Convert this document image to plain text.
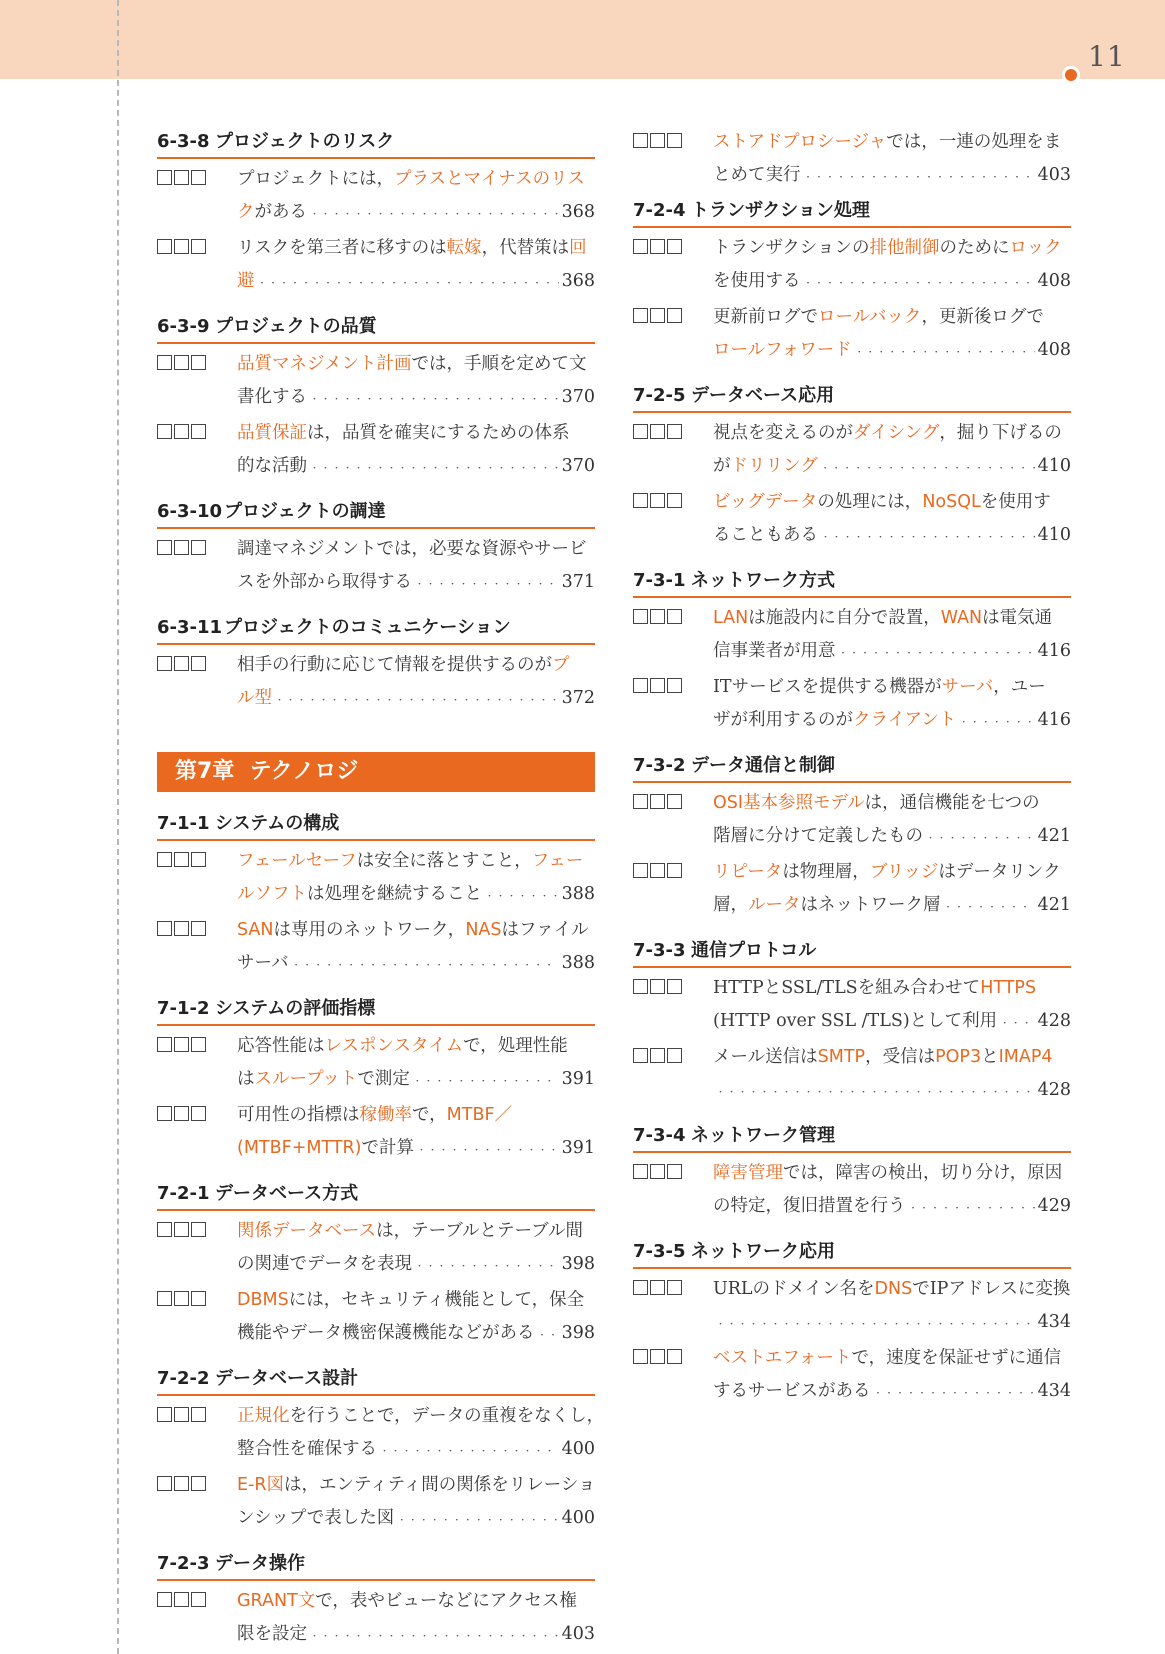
11
6-3-8 プロジェクトのリスク
プロジェクトには，プラスとマイナスのリス
クがある ・・・・・・・・・・・・・・・・・・・・・・・・・・・・・・・・・・・・・・・・・・・・・・・・・・・・・・・・・・・・・・・・・・・・・・・・・・・・	368
リスクを第三者に移すのは転嫁，代替策は回
避 ・・・・・・・・・・・・・・・・・・・・・・・・・・・・・・・・・・・・・・・・・・・・・・・・・・・・・・・・・・・・・・・・・・・・・・・・・・・・	368
6-3-9 プロジェクトの品質
品質マネジメント計画では，手順を定めて文
書化する ・・・・・・・・・・・・・・・・・・・・・・・・・・・・・・・・・・・・・・・・・・・・・・・・・・・・・・・・・・・・・・・・・・・・・・・・・・・・	370
品質保証は，品質を確実にするための体系
的な活動 ・・・・・・・・・・・・・・・・・・・・・・・・・・・・・・・・・・・・・・・・・・・・・・・・・・・・・・・・・・・・・・・・・・・・・・・・・・・・	370
6-3-10 プロジェクトの調達
調達マネジメントでは，必要な資源やサービ
スを外部から取得する ・・・・・・・・・・・・・・・・・・・・・・・・・・・・・・・・・・・・・・・・・・・・・・・・・・・・・・・・・・・・・・・・・・・・・・・・・・・・	371
6-3-11 プロジェクトのコミュニケーション
相手の行動に応じて情報を提供するのがプ
ル型 ・・・・・・・・・・・・・・・・・・・・・・・・・・・・・・・・・・・・・・・・・・・・・・・・・・・・・・・・・・・・・・・・・・・・・・・・・・・・	372
第7章 テクノロジ
7-1-1 システムの構成
フェールセーフは安全に落とすこと，フェー
ルソフトは処理を継続すること ・・・・・・・・・・・・・・・・・・・・・・・・・・・・・・・・・・・・・・・・・・・・・・・・・・・・・・・・・・・・・・・・・・・・・・・・・・・・	388
SANは専用のネットワーク，NASはファイル
サーバ ・・・・・・・・・・・・・・・・・・・・・・・・・・・・・・・・・・・・・・・・・・・・・・・・・・・・・・・・・・・・・・・・・・・・・・・・・・・・	388
7-1-2 システムの評価指標
応答性能はレスポンスタイムで，処理性能
はスループットで測定 ・・・・・・・・・・・・・・・・・・・・・・・・・・・・・・・・・・・・・・・・・・・・・・・・・・・・・・・・・・・・・・・・・・・・・・・・・・・・	391
可用性の指標は稼働率で，MTBF／
(MTBF+MTTR)で計算 ・・・・・・・・・・・・・・・・・・・・・・・・・・・・・・・・・・・・・・・・・・・・・・・・・・・・・・・・・・・・・・・・・・・・・・・・・・・・	391
7-2-1 データベース方式
関係データベースは，テーブルとテーブル間
の関連でデータを表現 ・・・・・・・・・・・・・・・・・・・・・・・・・・・・・・・・・・・・・・・・・・・・・・・・・・・・・・・・・・・・・・・・・・・・・・・・・・・・	398
DBMSには，セキュリティ機能として，保全
機能やデータ機密保護機能などがある ・・・・・・・・・・・・・・・・・・・・・・・・・・・・・・・・・・・・・・・・・・・・・・・・・・・・・・・・・・・・・・・・・・・・・・・・・・・・ 398
7-2-2 データベース設計
正規化を行うことで，データの重複をなくし，
整合性を確保する ・・・・・・・・・・・・・・・・・・・・・・・・・・・・・・・・・・・・・・・・・・・・・・・・・・・・・・・・・・・・・・・・・・・・・・・・・・・・	400
E-R図は，エンティティ間の関係をリレーショ
ンシップで表した図 ・・・・・・・・・・・・・・・・・・・・・・・・・・・・・・・・・・・・・・・・・・・・・・・・・・・・・・・・・・・・・・・・・・・・・・・・・・・・	400
7-2-3 データ操作
GRANT文で，表やビューなどにアクセス権
限を設定 ・・・・・・・・・・・・・・・・・・・・・・・・・・・・・・・・・・・・・・・・・・・・・・・・・・・・・・・・・・・・・・・・・・・・・・・・・・・・	403
ストアドプロシージャでは，一連の処理をま
とめて実行 ・・・・・・・・・・・・・・・・・・・・・・・・・・・・・・・・・・・・・・・・・・・・・・・・・・・・・・・・・・・・・・・・・・・・・・・・・・・・	403
7-2-4 トランザクション処理
トランザクションの排他制御のためにロック
を使用する ・・・・・・・・・・・・・・・・・・・・・・・・・・・・・・・・・・・・・・・・・・・・・・・・・・・・・・・・・・・・・・・・・・・・・・・・・・・・	408
更新前ログでロールバック，更新後ログで
ロールフォワード ・・・・・・・・・・・・・・・・・・・・・・・・・・・・・・・・・・・・・・・・・・・・・・・・・・・・・・・・・・・・・・・・・・・・・・・・・・・・	408
7-2-5 データベース応用
視点を変えるのがダイシング，掘り下げるの
がドリリング ・・・・・・・・・・・・・・・・・・・・・・・・・・・・・・・・・・・・・・・・・・・・・・・・・・・・・・・・・・・・・・・・・・・・・・・・・・・・	410
ビッグデータの処理には，NoSQLを使用す
ることもある ・・・・・・・・・・・・・・・・・・・・・・・・・・・・・・・・・・・・・・・・・・・・・・・・・・・・・・・・・・・・・・・・・・・・・・・・・・・・	410
7-3-1 ネットワーク方式
LANは施設内に自分で設置，WANは電気通
信事業者が用意 ・・・・・・・・・・・・・・・・・・・・・・・・・・・・・・・・・・・・・・・・・・・・・・・・・・・・・・・・・・・・・・・・・・・・・・・・・・・・	416
ITサービスを提供する機器がサーバ，ユー
ザが利用するのがクライアント ・・・・・・・・・・・・・・・・・・・・・・・・・・・・・・・・・・・・・・・・・・・・・・・・・・・・・・・・・・・・・・・・・・・・・・・・・・・・	416
7-3-2 データ通信と制御
OSI基本参照モデルは，通信機能を七つの
階層に分けて定義したもの ・・・・・・・・・・・・・・・・・・・・・・・・・・・・・・・・・・・・・・・・・・・・・・・・・・・・・・・・・・・・・・・・・・・・・・・・・・・・	421
リピータは物理層，ブリッジはデータリンク
層，ルータはネットワーク層 ・・・・・・・・・・・・・・・・・・・・・・・・・・・・・・・・・・・・・・・・・・・・・・・・・・・・・・・・・・・・・・・・・・・・・・・・・・・・	421
7-3-3 通信プロトコル
HTTPとSSL/TLSを組み合わせてHTTPS
(HTTP over SSL /TLS)として利用 ・・・・・・・・・・・・・・・・・・・・・・・・・・・・・・・・・・・・・・・・・・・・・・・・・・・・・・・・・・・・・・・・・・・・・・・・・・・・ 428
メール送信はSMTP，受信はPOP3とIMAP4
・・・・・・・・・・・・・・・・・・・・・・・・・・・・・・・・・・・・・・・・・・・・・・・・・・・・・・・・・・・・・・・・・・・・・・・・・・・・
428
7-3-4 ネットワーク管理
障害管理では，障害の検出，切り分け，原因
の特定，復旧措置を行う ・・・・・・・・・・・・・・・・・・・・・・・・・・・・・・・・・・・・・・・・・・・・・・・・・・・・・・・・・・・・・・・・・・・・・・・・・・・・	429
7-3-5 ネットワーク応用
URLのドメイン名をDNSでIPアドレスに変換
・・・・・・・・・・・・・・・・・・・・・・・・・・・・・・・・・・・・・・・・・・・・・・・・・・・・・・・・・・・・・・・・・・・・・・・・・・・・
434
ベストエフォートで，速度を保証せずに通信
するサービスがある ・・・・・・・・・・・・・・・・・・・・・・・・・・・・・・・・・・・・・・・・・・・・・・・・・・・・・・・・・・・・・・・・・・・・・・・・・・・・	434
